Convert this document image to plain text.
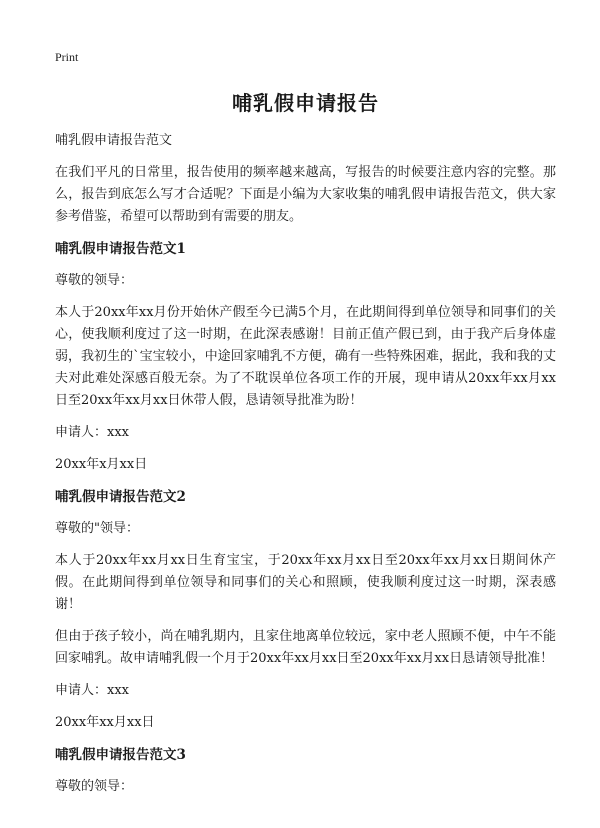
Print
哺乳假申请报告

哺乳假申请报告范文

在我们平凡的日常里，报告使用的频率越来越高，写报告的时候要注意内容的完整。那么，报告到底怎么写才合适呢？下面是小编为大家收集的哺乳假申请报告范文，供大家参考借鉴，希望可以帮助到有需要的朋友。

哺乳假申请报告范文1

尊敬的领导：

本人于20xx年xx月份开始休产假至今已满5个月，在此期间得到单位领导和同事们的关心，使我顺利度过了这一时期，在此深表感谢！目前正值产假已到，由于我产后身体虚弱，我初生的`宝宝较小，中途回家哺乳不方便，确有一些特殊困难，据此，我和我的丈夫对此难处深感百般无奈。为了不耽误单位各项工作的开展，现申请从20xx年xx月xx日至20xx年xx月xx日休带人假，恳请领导批准为盼！

申请人：xxx

20xx年x月xx日

哺乳假申请报告范文2

尊敬的"领导：

本人于20xx年xx月xx日生育宝宝，于20xx年xx月xx日至20xx年xx月xx日期间休产假。在此期间得到单位领导和同事们的关心和照顾，使我顺利度过这一时期，深表感谢！

但由于孩子较小，尚在哺乳期内，且家住地离单位较远，家中老人照顾不便，中午不能回家哺乳。故申请哺乳假一个月于20xx年xx月xx日至20xx年xx月xx日恳请领导批准！

申请人：xxx

20xx年xx月xx日

哺乳假申请报告范文3

尊敬的领导：
